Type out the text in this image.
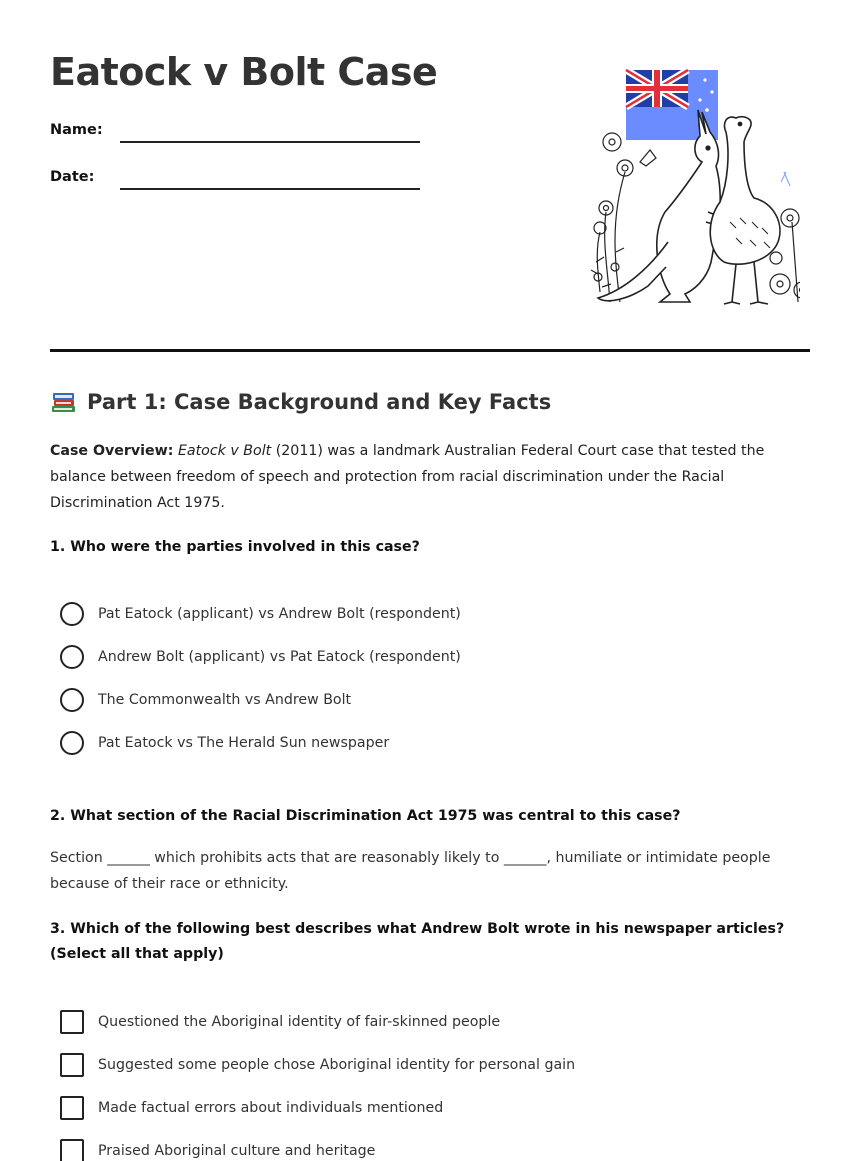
Eatock v Bolt Case
Name:
Date:
Part 1: Case Background and Key Facts

Case Overview: Eatock v Bolt (2011) was a landmark Australian Federal Court case that tested the balance between freedom of speech and protection from racial discrimination under the Racial Discrimination Act 1975.

1. Who were the parties involved in this case?

Pat Eatock (applicant) vs Andrew Bolt (respondent)
Andrew Bolt (applicant) vs Pat Eatock (respondent)
The Commonwealth vs Andrew Bolt
Pat Eatock vs The Herald Sun newspaper

2. What section of the Racial Discrimination Act 1975 was central to this case?

Section ______ which prohibits acts that are reasonably likely to ______, humiliate or intimidate people because of their race or ethnicity.

3. Which of the following best describes what Andrew Bolt wrote in his newspaper articles? (Select all that apply)

Questioned the Aboriginal identity of fair-skinned people
Suggested some people chose Aboriginal identity for personal gain
Made factual errors about individuals mentioned
Praised Aboriginal culture and heritage
